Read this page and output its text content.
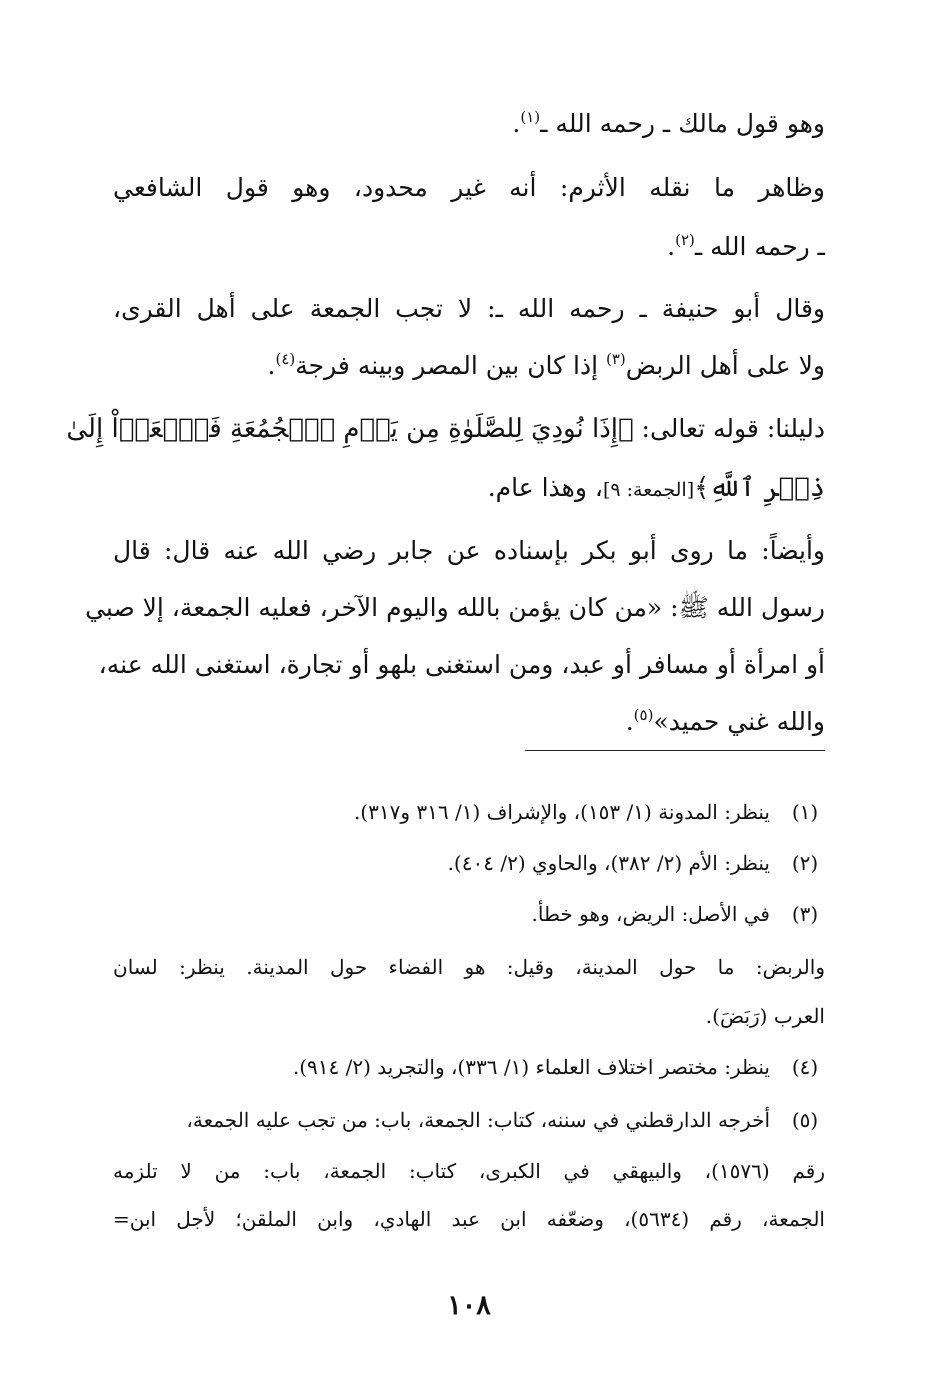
وهو قول مالك ـ رحمه الله ـ$^{(١)}$.
وظاهر ما نقله الأثرم: أنه غير محدود، وهو قول الشافعي
ـ رحمه الله ـ$^{(٢)}$.
وقال أبو حنيفة ـ رحمه الله ـ: لا تجب الجمعة على أهل القرى،
ولا على أهل الربض$^{(٣)}$ إذا كان بين المصر وبينه فرجة$^{(٤)}$.
دليلنا: قوله تعالى: ﴿إِذَا نُودِيَ لِلصَّلَوٰةِ مِن يَوۡمِ ٱلۡجُمُعَةِ فَٱسۡعَوۡاْ إِلَىٰ
ذِكۡرِ ٱللَّهِ﴾[الجمعة: ٩]، وهذا عام.
وأيضاً: ما روى أبو بكر بإسناده عن جابر رضي الله عنه قال: قال
رسول الله ﷺ: «من كان يؤمن بالله واليوم الآخر، فعليه الجمعة، إلا صبي
أو امرأة أو مسافر أو عبد، ومن استغنى بلهو أو تجارة، استغنى الله عنه،
والله غني حميد»$^{(٥)}$.
(١)
ينظر: المدونة (١/ ١٥٣)، والإشراف (١/ ٣١٦ و٣١٧).
(٢)
ينظر: الأم (٢/ ٣٨٢)، والحاوي (٢/ ٤٠٤).
(٣)
في الأصل: الريض، وهو خطأ.
والربض: ما حول المدينة، وقيل: هو الفضاء حول المدينة. ينظر: لسان
العرب (رَبَضَ).
(٤)
ينظر: مختصر اختلاف العلماء (١/ ٣٣٦)، والتجريد (٢/ ٩١٤).
(٥)
أخرجه الدارقطني في سننه، كتاب: الجمعة، باب: من تجب عليه الجمعة،
رقم (١٥٧٦)، والبيهقي في الكبرى، كتاب: الجمعة، باب: من لا تلزمه
الجمعة، رقم (٥٦٣٤)، وضعّفه ابن عبد الهادي، وابن الملقن؛ لأجل ابن=
١٠٨
